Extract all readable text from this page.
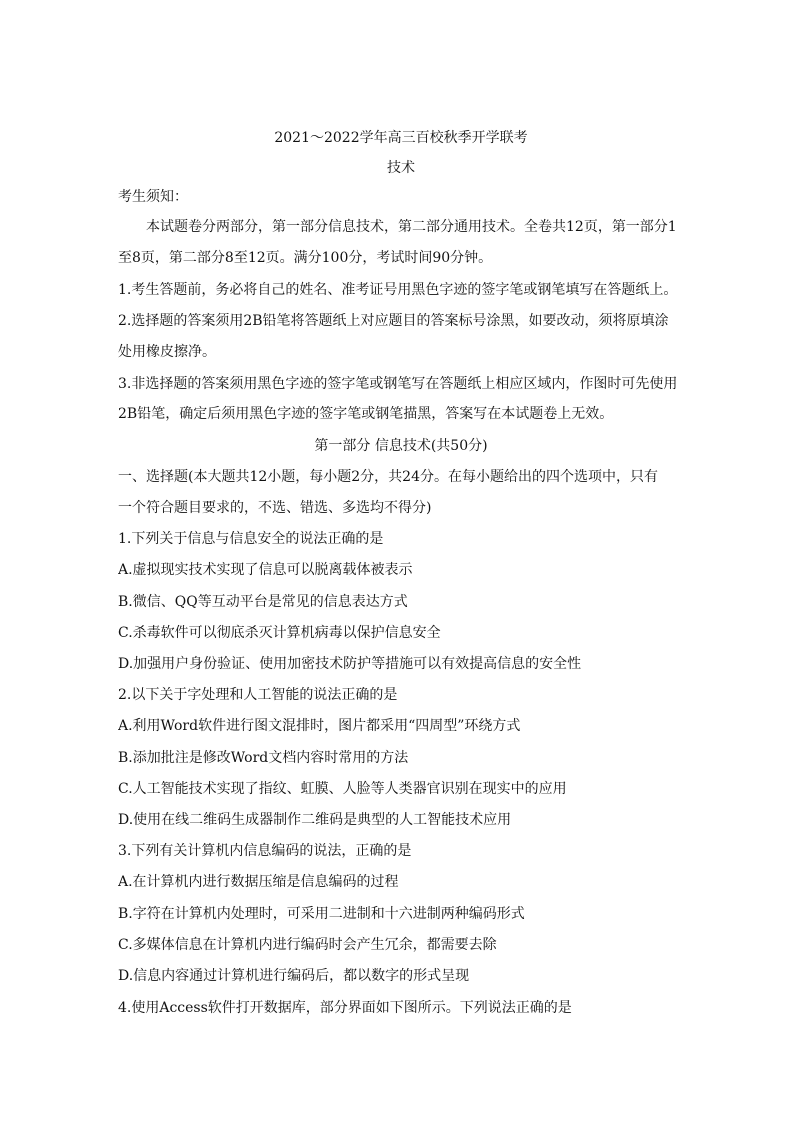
2021～2022学年高三百校秋季开学联考
技术
考生须知：
本试题卷分两部分，第一部分信息技术，第二部分通用技术。全卷共12页，第一部分1
至8页，第二部分8至12页。满分100分，考试时间90分钟。
1.考生答题前，务必将自己的姓名、准考证号用黑色字迹的签字笔或钢笔填写在答题纸上。
2.选择题的答案须用2B铅笔将答题纸上对应题目的答案标号涂黑，如要改动，须将原填涂
处用橡皮擦净。
3.非选择题的答案须用黑色字迹的签字笔或钢笔写在答题纸上相应区域内，作图时可先使用
2B铅笔，确定后须用黑色字迹的签字笔或钢笔描黑，答案写在本试题卷上无效。
第一部分 信息技术(共50分)
一、选择题(本大题共12小题，每小题2分，共24分。在每小题给出的四个选项中，只有
一个符合题目要求的，不选、错选、多选均不得分)
1.下列关于信息与信息安全的说法正确的是
A.虚拟现实技术实现了信息可以脱离载体被表示
B.微信、QQ等互动平台是常见的信息表达方式
C.杀毒软件可以彻底杀灭计算机病毒以保护信息安全
D.加强用户身份验证、使用加密技术防护等措施可以有效提高信息的安全性
2.以下关于字处理和人工智能的说法正确的是
A.利用Word软件进行图文混排时，图片都采用“四周型”环绕方式
B.添加批注是修改Word文档内容时常用的方法
C.人工智能技术实现了指纹、虹膜、人脸等人类器官识别在现实中的应用
D.使用在线二维码生成器制作二维码是典型的人工智能技术应用
3.下列有关计算机内信息编码的说法，正确的是
A.在计算机内进行数据压缩是信息编码的过程
B.字符在计算机内处理时，可采用二进制和十六进制两种编码形式
C.多媒体信息在计算机内进行编码时会产生冗余，都需要去除
D.信息内容通过计算机进行编码后，都以数字的形式呈现
4.使用Access软件打开数据库，部分界面如下图所示。下列说法正确的是
